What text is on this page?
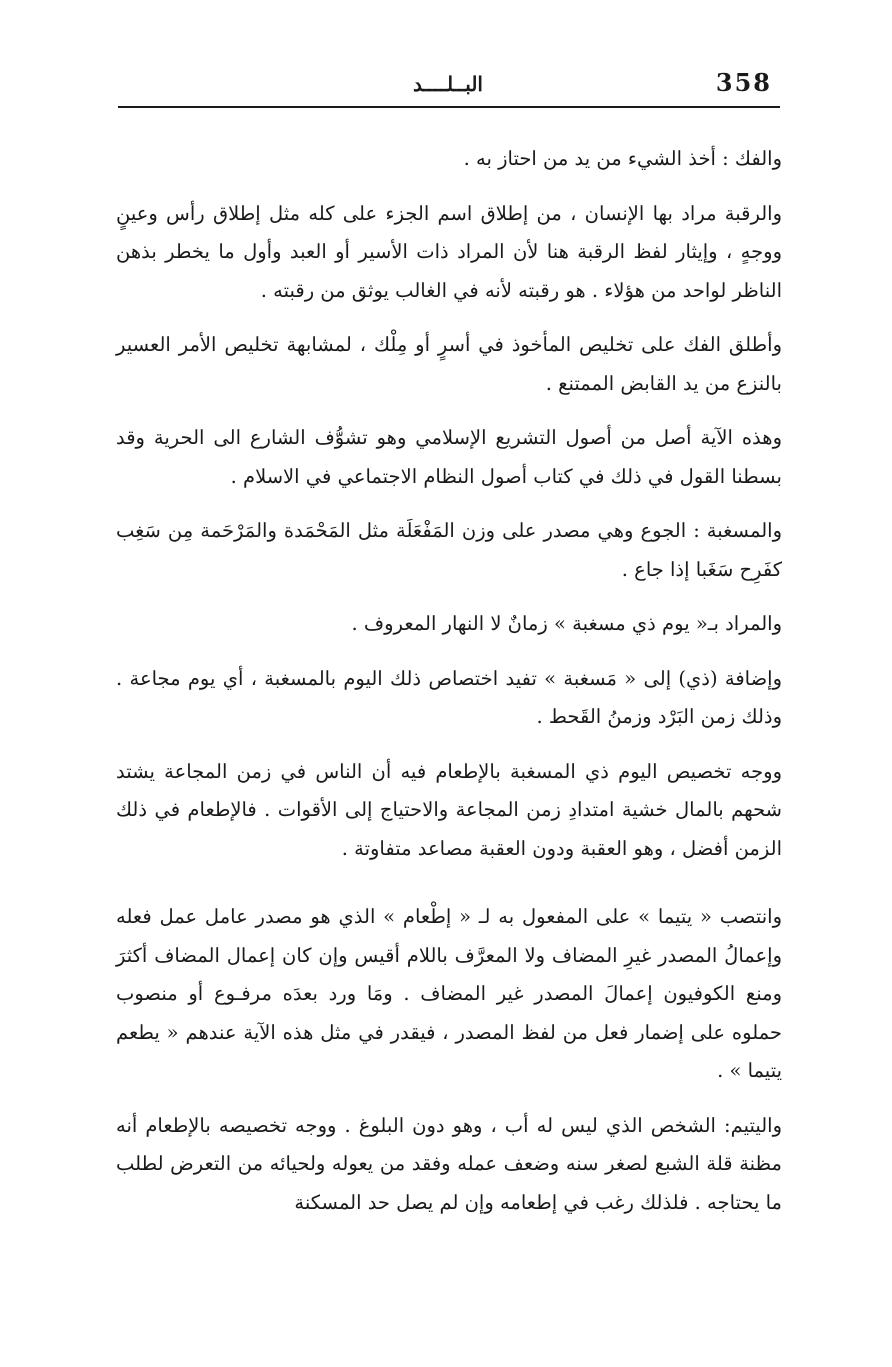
358
البــلــــد

والفك : أخذ الشيء من يد من احتاز به .

والرقبة مراد بها الإنسان ، من إطلاق اسم الجزء على كله مثل إطلاق رأس وعينٍ ووجهٍ ، وإيثار لفظ الرقبة هنا لأن المراد ذات الأسير أو العبد وأول ما يخطر بذهن الناظر لواحد من هؤلاء . هو رقبته لأنه في الغالب يوثق من رقبته .

وأطلق الفك على تخليص المأخوذ في أسرٍ أو مِلْك ، لمشابهة تخليص الأمر العسير بالنزع من يد القابض الممتنع .

وهذه الآية أصل من أصول التشريع الإسلامي وهو تشوُّف الشارع الى الحرية وقد بسطنا القول في ذلك في كتاب أصول النظام الاجتماعي في الاسلام .

والمسغبة : الجوع وهي مصدر على وزن المَفْعَلَة مثل المَحْمَدة والمَرْحَمة مِن سَغِب كفَرِح سَغَبا إذا جاع .

والمراد بـ« يوم ذي مسغبة » زمانٌ لا النهار المعروف .

وإضافة (ذي) إلى « مَسغبة » تفيد اختصاص ذلك اليوم بالمسغبة ، أي يوم مجاعة . وذلك زمن البَرْد وزمنُ القَحط .

ووجه تخصيص اليوم ذي المسغبة بالإطعام فيه أن الناس في زمن المجاعة يشتد شحهم بالمال خشية امتدادِ زمن المجاعة والاحتياج إلى الأقوات . فالإطعام في ذلك الزمن أفضل ، وهو العقبة ودون العقبة مصاعد متفاوتة .

وانتصب « يتيما » على المفعول به لـ « إطْعام » الذي هو مصدر عامل عمل فعله وإعمالُ المصدر غيرِ المضاف ولا المعرَّف باللام أقيس وإن كان إعمال المضاف أكثرَ ومنع الكوفيون إعمالَ المصدر غير المضاف . ومَا ورد بعدَه مرفـوع أو منصوب حملوه على إضمار فعل من لفظ المصدر ، فيقدر في مثل هذه الآية عندهم « يطعم يتيما » .

واليتيم: الشخص الذي ليس له أب ، وهو دون البلوغ . ووجه تخصيصه بالإطعام أنه مظنة قلة الشبع لصغر سنه وضعف عمله وفقد من يعوله ولحيائه من التعرض لطلب ما يحتاجه . فلذلك رغب في إطعامه وإن لم يصل حد المسكنة
